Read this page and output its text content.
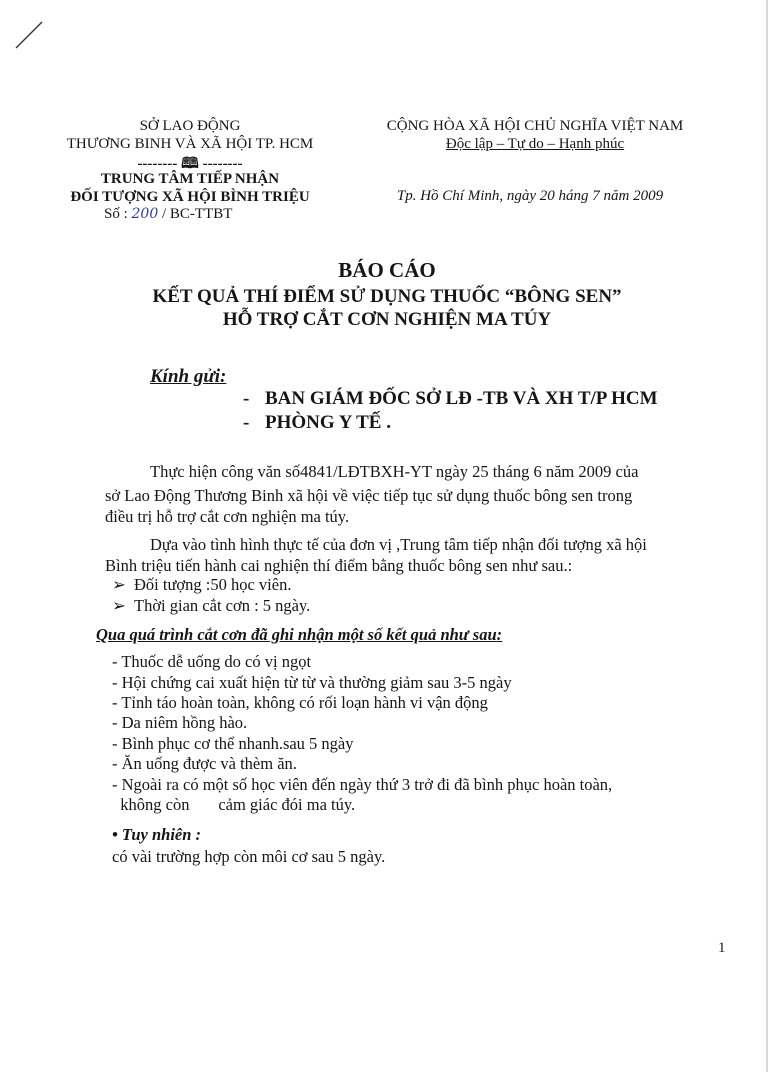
SỞ LAO ĐỘNG
THƯƠNG BINH VÀ XÃ HỘI TP. HCM
-------- 🕮 --------
TRUNG TÂM TIẾP NHẬN
ĐỐI TƯỢNG XÃ HỘI BÌNH TRIỆU
Số : 200 / BC-TTBT
CỘNG HÒA XÃ HỘI CHỦ NGHĨA VIỆT NAM
Độc lập – Tự do – Hạnh phúc
Tp. Hồ Chí Minh, ngày 20 háng 7 năm 2009
BÁO CÁO
KẾT QUẢ THÍ ĐIỂM SỬ DỤNG THUỐC “BÔNG SEN”
HỖ TRỢ CẮT CƠN NGHIỆN MA TÚY
Kính gửi:
- BAN GIÁM ĐỐC SỞ LĐ -TB VÀ XH T/P HCM
- PHÒNG Y TẾ .
Thực hiện công văn số4841/LĐTBXH-YT ngày 25 tháng 6 năm 2009 của
sở Lao Động Thương Binh xã hội về việc tiếp tục sử dụng thuốc bông sen trong
điều trị hỗ trợ cắt cơn nghiện ma túy.
Dựa vào tình hình thực tế của đơn vị ,Trung tâm tiếp nhận đối tượng xã hội
Bình triệu tiến hành cai nghiện thí điểm bằng thuốc bông sen như sau.:
➢ Đối tượng :50 học viên.
➢ Thời gian cắt cơn : 5 ngày.
Qua quá trình cắt cơn đã ghi nhận một số kết quả như sau:
- Thuốc dễ uống do có vị ngọt
- Hội chứng cai xuất hiện từ từ và thường giảm sau 3-5 ngày
- Tỉnh táo hoàn toàn, không có rối loạn hành vi vận động
- Da niêm hồng hào.
- Bình phục cơ thể nhanh.sau 5 ngày
- Ăn uống được và thèm ăn.
- Ngoài ra có một số học viên đến ngày thứ 3 trở đi đã bình phục hoàn toàn,
không còn       cảm giác đói ma túy.
• Tuy nhiên :
có vài trường hợp còn môi cơ sau 5 ngày.
1
